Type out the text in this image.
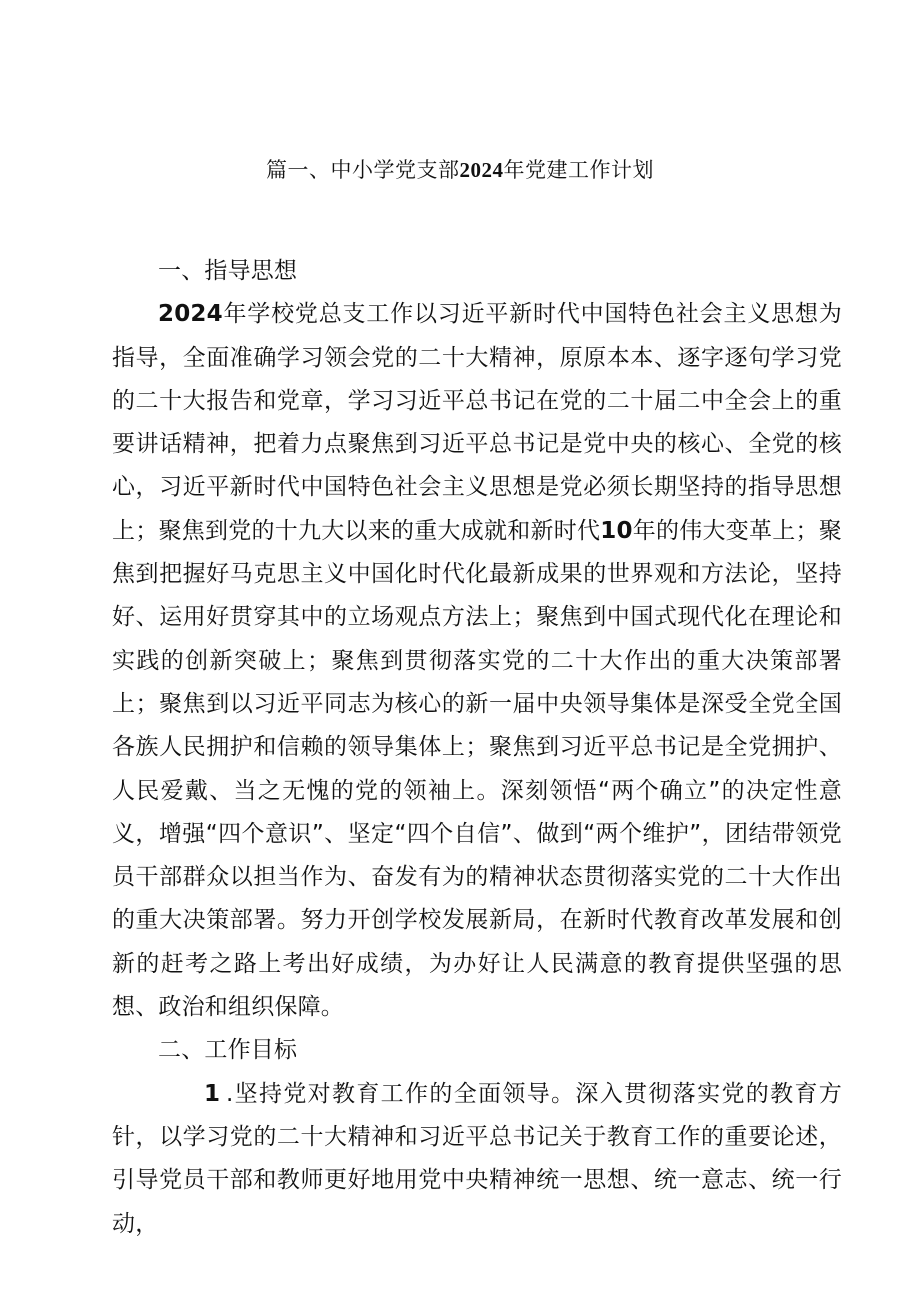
篇一、中小学党支部2024年党建工作计划

一、指导思想

2024年学校党总支工作以习近平新时代中国特色社会主义思想为指导，全面准确学习领会党的二十大精神，原原本本、逐字逐句学习党的二十大报告和党章，学习习近平总书记在党的二十届二中全会上的重要讲话精神，把着力点聚焦到习近平总书记是党中央的核心、全党的核心，习近平新时代中国特色社会主义思想是党必须长期坚持的指导思想上；聚焦到党的十九大以来的重大成就和新时代10年的伟大变革上；聚焦到把握好马克思主义中国化时代化最新成果的世界观和方法论，坚持好、运用好贯穿其中的立场观点方法上；聚焦到中国式现代化在理论和实践的创新突破上；聚焦到贯彻落实党的二十大作出的重大决策部署上；聚焦到以习近平同志为核心的新一届中央领导集体是深受全党全国各族人民拥护和信赖的领导集体上；聚焦到习近平总书记是全党拥护、人民爱戴、当之无愧的党的领袖上。深刻领悟“两个确立”的决定性意义，增强“四个意识”、坚定“四个自信”、做到“两个维护”，团结带领党员干部群众以担当作为、奋发有为的精神状态贯彻落实党的二十大作出的重大决策部署。努力开创学校发展新局，在新时代教育改革发展和创新的赶考之路上考出好成绩，为办好让人民满意的教育提供坚强的思想、政治和组织保障。

二、工作目标

1 .坚持党对教育工作的全面领导。深入贯彻落实党的教育方针，以学习党的二十大精神和习近平总书记关于教育工作的重要论述，引导党员干部和教师更好地用党中央精神统一思想、统一意志、统一行动，
